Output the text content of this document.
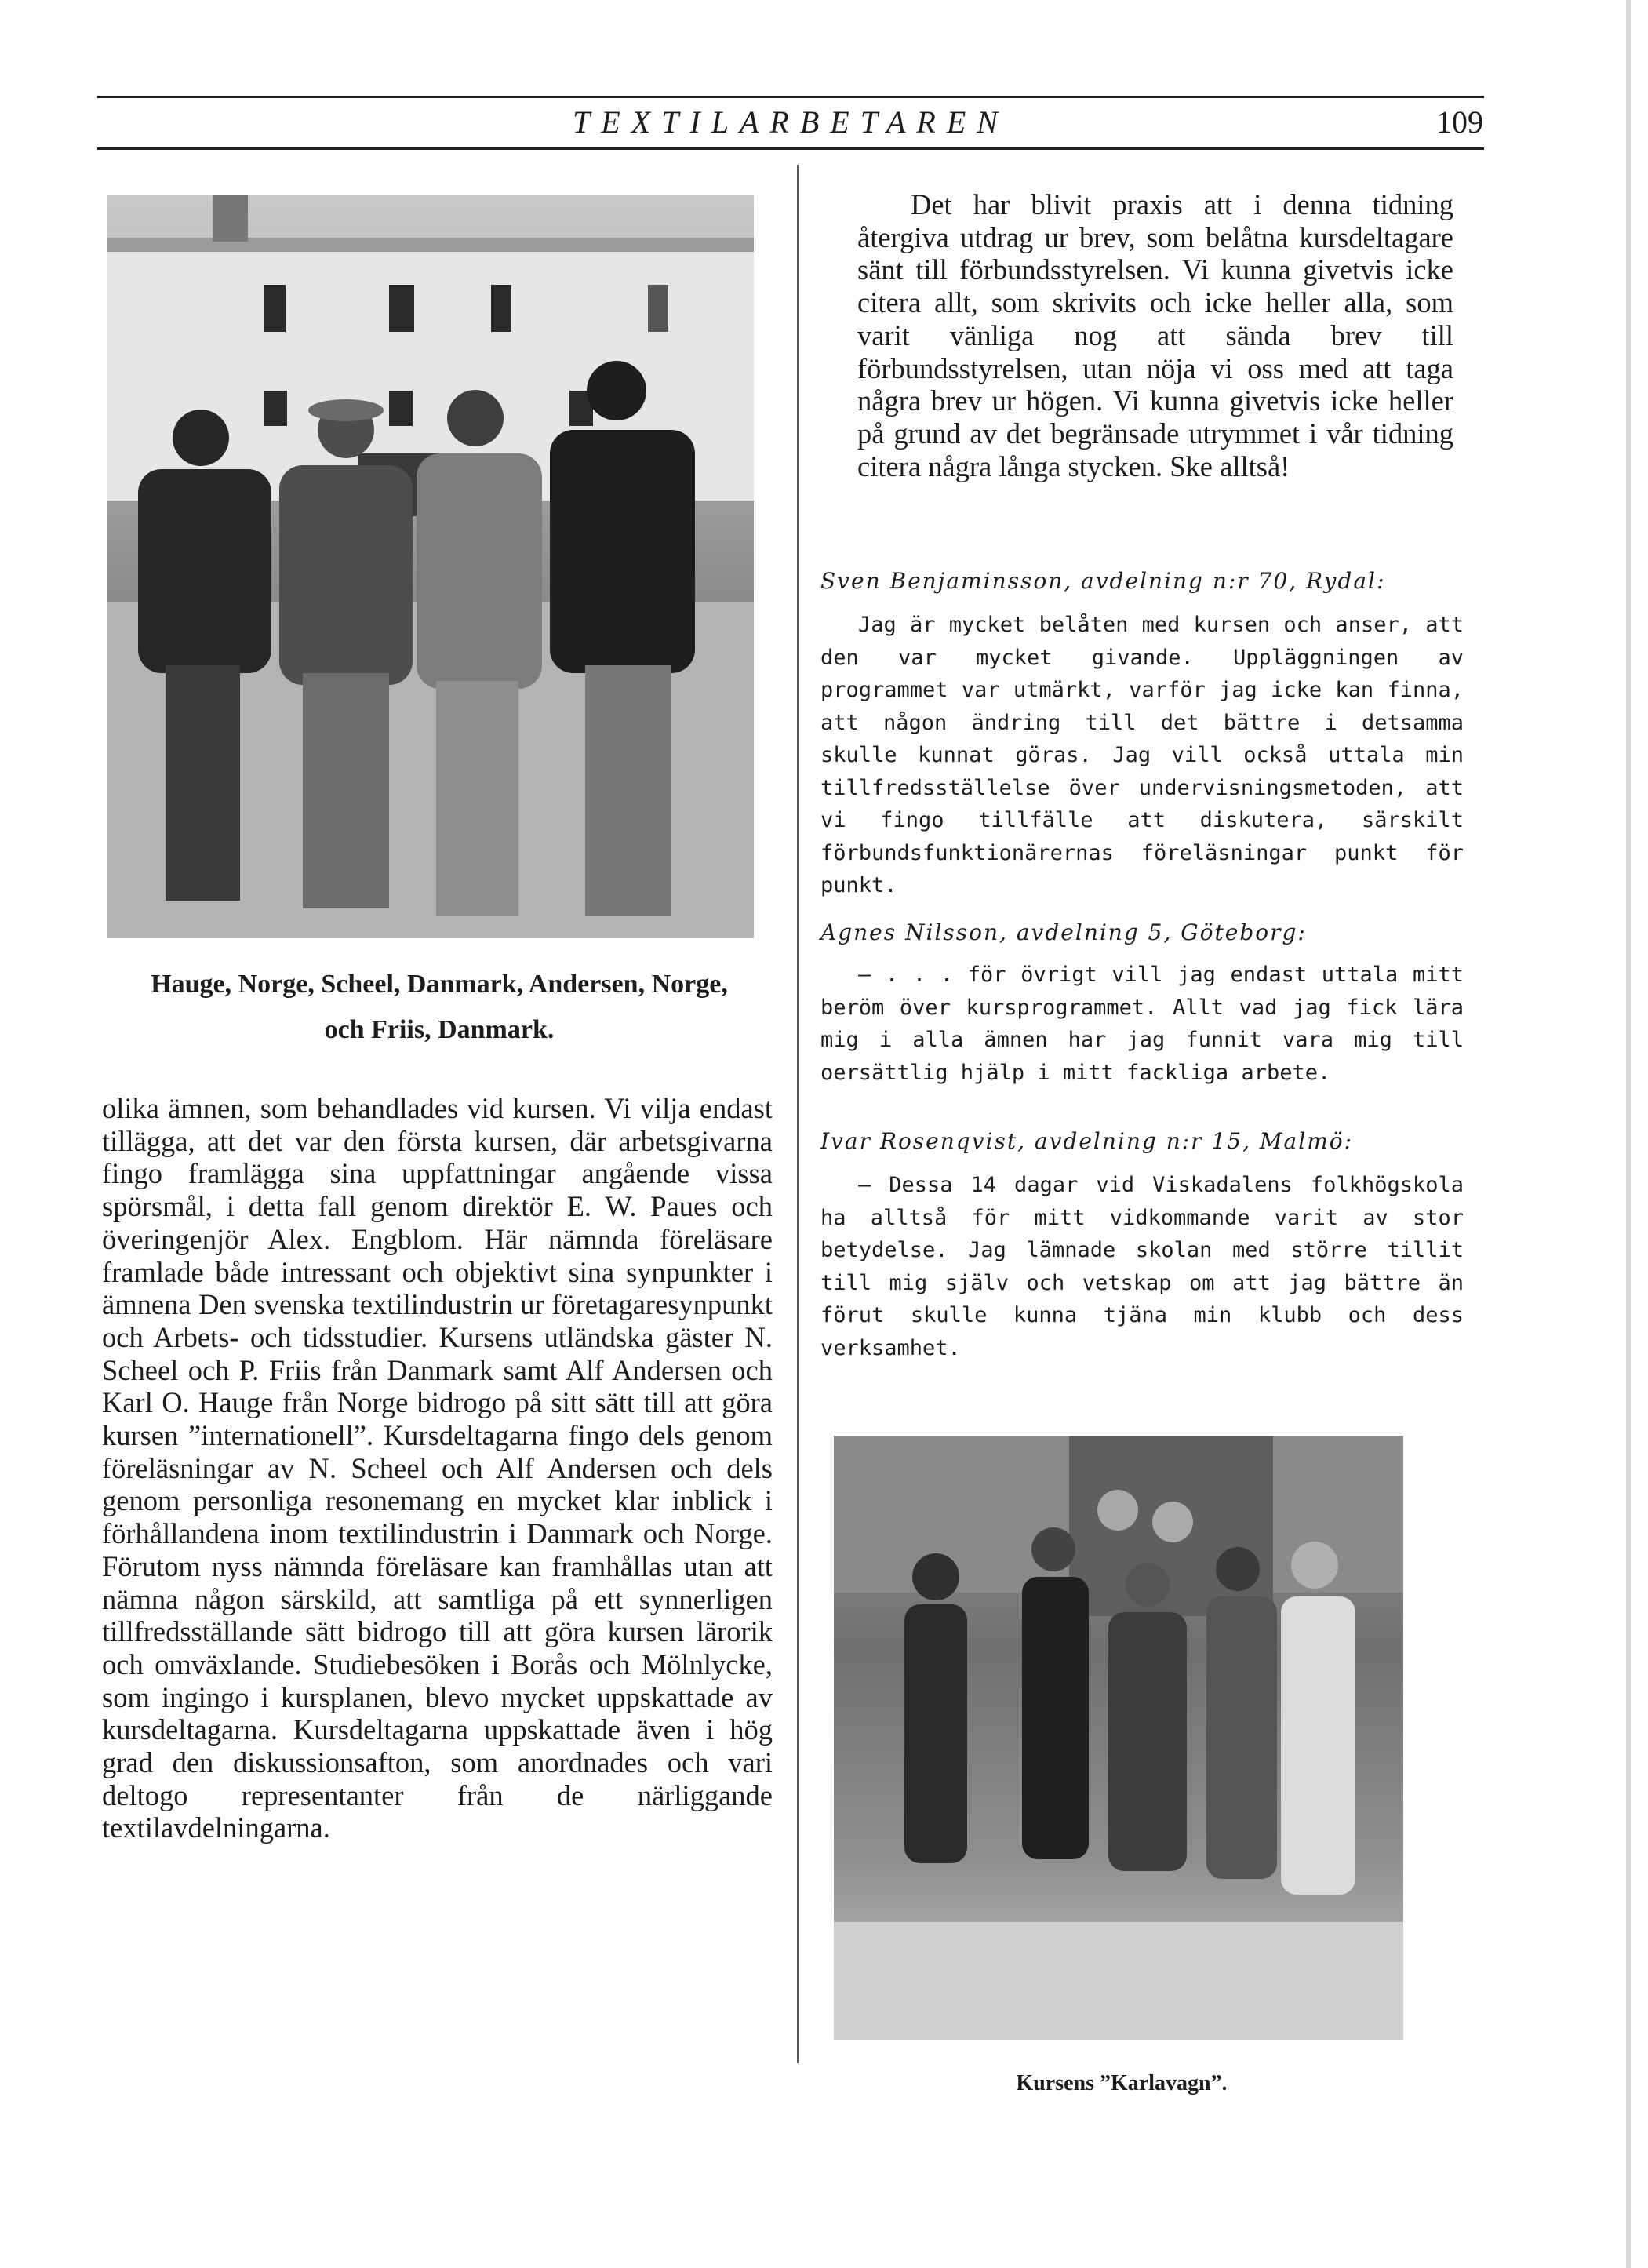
TEXTILARBETAREN	109
Hauge, Norge, Scheel, Danmark, Andersen, Norge,
och Friis, Danmark.

olika ämnen, som behandlades vid kursen. Vi vilja endast tillägga, att det var den första kursen, där arbetsgivarna fingo framlägga sina uppfattningar angående vissa spörsmål, i detta fall genom direktör E. W. Paues och överingenjör Alex. Engblom. Här nämnda föreläsare framlade både intressant och objektivt sina synpunkter i ämnena Den svenska textilindustrin ur företagaresynpunkt och Arbets- och tidsstudier. Kursens utländska gäster N. Scheel och P. Friis från Danmark samt Alf Andersen och Karl O. Hauge från Norge bidrogo på sitt sätt till att göra kursen ”internationell”. Kursdeltagarna fingo dels genom föreläsningar av N. Scheel och Alf Andersen och dels genom personliga resonemang en mycket klar inblick i förhållandena inom textilindustrin i Danmark och Norge. Förutom nyss nämnda föreläsare kan framhållas utan att nämna någon särskild, att samtliga på ett synnerligen tillfredsställande sätt bidrogo till att göra kursen lärorik och omväxlande. Studiebesöken i Borås och Mölnlycke, som ingingo i kursplanen, blevo mycket uppskattade av kursdeltagarna. Kursdeltagarna uppskattade även i hög grad den diskussionsafton, som anordnades och vari deltogo representanter från de närliggande textilavdelningarna.

Det har blivit praxis att i denna tidning återgiva utdrag ur brev, som belåtna kursdeltagare sänt till förbundsstyrelsen. Vi kunna givetvis icke citera allt, som skrivits och icke heller alla, som varit vänliga nog att sända brev till förbundsstyrelsen, utan nöja vi oss med att taga några brev ur högen. Vi kunna givetvis icke heller på grund av det begränsade utrymmet i vår tidning citera några långa stycken. Ske alltså!
Sven Benjaminsson, avdelning n:r 70, Rydal:

Jag är mycket belåten med kursen och anser, att den var mycket givande. Uppläggningen av programmet var utmärkt, varför jag icke kan finna, att någon ändring till det bättre i detsamma skulle kunnat göras. Jag vill också uttala min tillfredsställelse över undervisningsmetoden, att vi fingo tillfälle att diskutera, särskilt förbundsfunktionärernas föreläsningar punkt för punkt.

Agnes Nilsson, avdelning 5, Göteborg:

— . . . för övrigt vill jag endast uttala mitt beröm över kursprogrammet. Allt vad jag fick lära mig i alla ämnen har jag funnit vara mig till oersättlig hjälp i mitt fackliga arbete.

Ivar Rosenqvist, avdelning n:r 15, Malmö:

— Dessa 14 dagar vid Viskadalens folkhögskola ha alltså för mitt vidkommande varit av stor betydelse. Jag lämnade skolan med större tillit till mig själv och vetskap om att jag bättre än förut skulle kunna tjäna min klubb och dess verksamhet.

Kursens ”Karlavagn”.
